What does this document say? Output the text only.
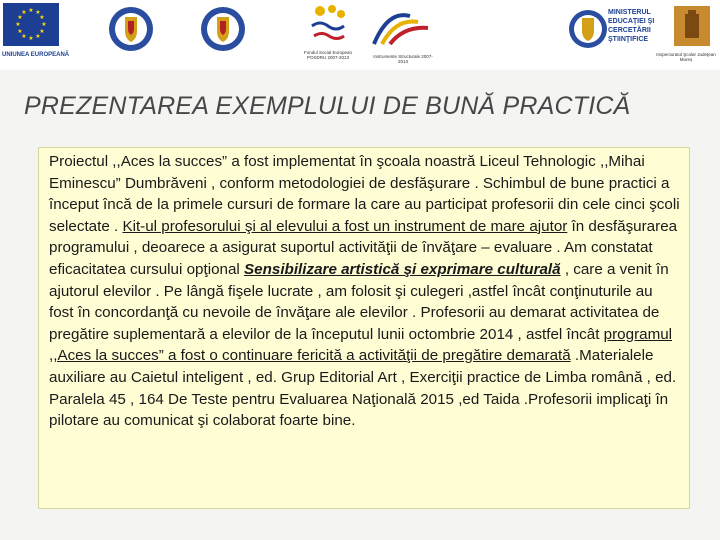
★ ★
★
★
★
★
★
★
★
★
★
★
UNIUNEA EUROPEANĂ	Fondul Social European POSDRU 2007-2013	Instrumente Structurale 2007-2013
MINISTERUL EDUCAŢIEI ŞI CERCETĂRII ŞTIINŢIFICE
Inspectoratul Şcolar Judeţean Mureş
PREZENTAREA EXEMPLULUI DE BUNĂ PRACTICĂ

Proiectul ,,Aces la succes” a fost implementat în şcoala noastră Liceul Tehnologic ,,Mihai Eminescu” Dumbrăveni , conform metodologiei de desfăşurare . Schimbul de bune practici a început încă de la primele cursuri de formare la care au participat profesorii din cele cinci şcoli selectate . Kit-ul profesorului şi al elevului a fost un instrument de mare ajutor în desfăşurarea programului , deoarece a asigurat suportul activităţii de învăţare – evaluare . Am constatat eficacitatea cursului opţional Sensibilizare artistică şi exprimare culturală , care a venit în ajutorul elevilor . Pe lângă fişele lucrate , am folosit şi culegeri ,astfel încât conţinuturile au fost în concordanţă cu nevoile de învăţare ale elevilor . Profesorii au demarat activitatea de pregătire suplementară a elevilor de la începutul lunii octombrie 2014 , astfel încât programul ,,Aces la succes” a fost o continuare fericită a activităţii de pregătire demarată .Materialele auxiliare au Caietul inteligent , ed. Grup Editorial Art , Exerciţii practice de Limba română , ed. Paralela 45 , 164 De Teste pentru Evaluarea Naţională 2015 ,ed Taida .Profesorii implicaţi în pilotare au comunicat şi colaborat foarte bine.
